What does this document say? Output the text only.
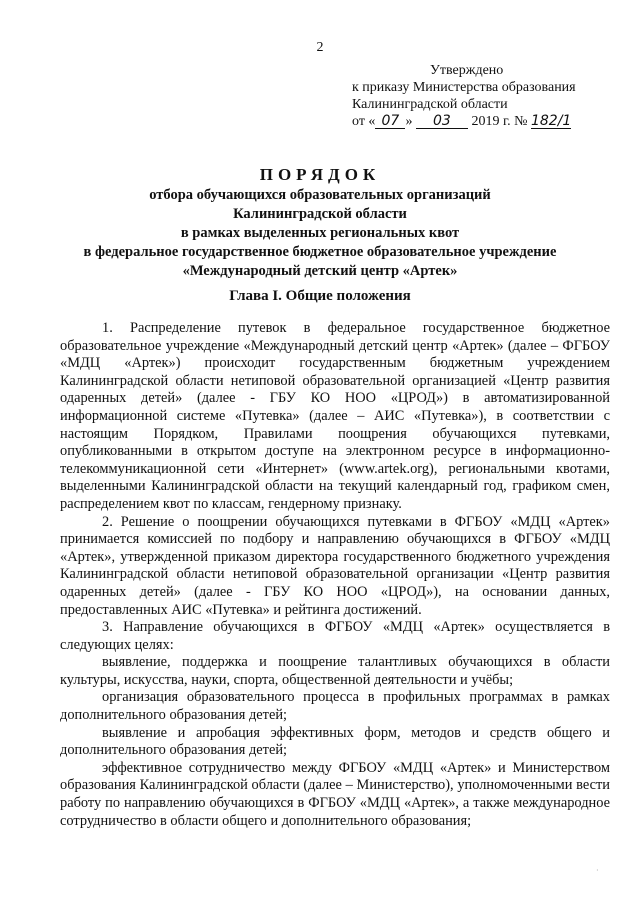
2
Утверждено
к приказу Министерства образования
Калининградской области
от « 07 » 03 2019 г. № 182/1
ПОРЯДОК
отбора обучающихся образовательных организаций
Калининградской области
в рамках выделенных региональных квот
в федеральное государственное бюджетное образовательное учреждение
«Международный детский центр «Артек»
Глава I. Общие положения

1. Распределение путевок в федеральное государственное бюджетное образовательное учреждение «Международный детский центр «Артек» (далее – ФГБОУ «МДЦ «Артек») происходит государственным бюджетным учреждением Калининградской области нетиповой образовательной организацией «Центр развития одаренных детей» (далее - ГБУ КО НОО «ЦРОД») в автоматизированной информационной системе «Путевка» (далее – АИС «Путевка»), в соответствии с настоящим Порядком, Правилами поощрения обучающихся путевками, опубликованными в открытом доступе на электронном ресурсе в информационно-телекоммуникационной сети «Интернет» (www.artek.org), региональными квотами, выделенными Калининградской области на текущий календарный год, графиком смен, распределением квот по классам, гендерному признаку.

2. Решение о поощрении обучающихся путевками в ФГБОУ «МДЦ «Артек» принимается комиссией по подбору и направлению обучающихся в ФГБОУ «МДЦ «Артек», утвержденной приказом директора государственного бюджетного учреждения Калининградской области нетиповой образовательной организации «Центр развития одаренных детей» (далее - ГБУ КО НОО «ЦРОД»), на основании данных, предоставленных АИС «Путевка» и рейтинга достижений.

3. Направление обучающихся в ФГБОУ «МДЦ «Артек» осуществляется в следующих целях:

выявление, поддержка и поощрение талантливых обучающихся в области культуры, искусства, науки, спорта, общественной деятельности и учёбы;

организация образовательного процесса в профильных программах в рамках дополнительного образования детей;

выявление и апробация эффективных форм, методов и средств общего и дополнительного образования детей;

эффективное сотрудничество между ФГБОУ «МДЦ «Артек» и Министерством образования Калининградской области (далее – Министерство), уполномоченными вести работу по направлению обучающихся в ФГБОУ «МДЦ «Артек», а также международное сотрудничество в области общего и дополнительного образования;

·
